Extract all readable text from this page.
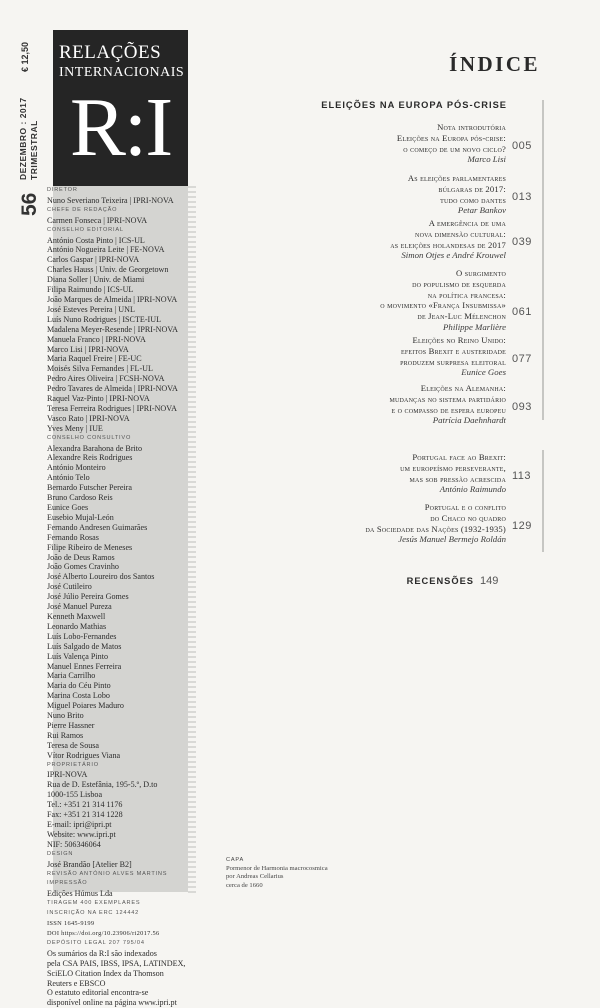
€ 12,50
DEZEMBRO : 2017 TRIMESTRAL
56
RELAÇÕES
INTERNACIONAIS
R:I
DIRETOR
Nuno Severiano Teixeira | IPRI-NOVA
CHEFE DE REDAÇÃO
Carmen Fonseca | IPRI-NOVA
CONSELHO EDITORIAL
António Costa Pinto | ICS-UL
António Nogueira Leite | FE-NOVA
Carlos Gaspar | IPRI-NOVA
Charles Hauss | Univ. de Georgetown
Diana Soller | Univ. de Miami
Filipa Raimundo | ICS-UL
João Marques de Almeida | IPRI-NOVA
José Esteves Pereira | UNL
Luís Nuno Rodrigues | ISCTE-IUL
Madalena Meyer-Resende | IPRI-NOVA
Manuela Franco | IPRI-NOVA
Marco Lisi | IPRI-NOVA
Maria Raquel Freire | FE-UC
Moisés Silva Fernandes | FL-UL
Pedro Aires Oliveira | FCSH-NOVA
Pedro Tavares de Almeida | IPRI-NOVA
Raquel Vaz-Pinto | IPRI-NOVA
Teresa Ferreira Rodrigues | IPRI-NOVA
Vasco Rato | IPRI-NOVA
Yves Meny | IUE
CONSELHO CONSULTIVO
Alexandra Barahona de Brito
Alexandre Reis Rodrigues
António Monteiro
António Telo
Bernardo Futscher Pereira
Bruno Cardoso Reis
Eunice Goes
Eusebio Mujal-León
Fernando Andresen Guimarães
Fernando Rosas
Filipe Ribeiro de Meneses
João de Deus Ramos
João Gomes Cravinho
José Alberto Loureiro dos Santos
José Cutileiro
José Júlio Pereira Gomes
José Manuel Pureza
Kenneth Maxwell
Leonardo Mathias
Luís Lobo-Fernandes
Luís Salgado de Matos
Luís Valença Pinto
Manuel Ennes Ferreira
Maria Carrilho
Maria do Céu Pinto
Marina Costa Lobo
Miguel Poiares Maduro
Nuno Brito
Pierre Hassner
Rui Ramos
Teresa de Sousa
Vítor Rodrigues Viana
PROPRIETÁRIO
IPRI-NOVA
Rua de D. Estefânia, 195-5.º, D.to
1000-155 Lisboa
Tel.: +351 21 314 1176
Fax: +351 21 314 1228
E-mail: ipri@ipri.pt
Website: www.ipri.pt
NIF: 506346064
DESIGN
José Brandão [Atelier B2]
REVISÃO ANTÓNIO ALVES MARTINS
IMPRESSÃO
Edições Húmus Lda
TIRAGEM 400 EXEMPLARES
INSCRIÇÃO NA ERC 124442
ISSN 1645-9199
DOI https://doi.org/10.23906/ri2017.56
DEPÓSITO LEGAL 207 795/04
Os sumários da R:I são indexados
pela CSA PAIS, IBSS, IPSA, LATINDEX,
SciELO Citation Index da Thomson
Reuters e EBSCO
O estatuto editorial encontra-se
disponível online na página www.ipri.pt
CAPA
Pormenor de Harmonia macrocosmica
por Andreas Cellarius
cerca de 1660
ÍNDICE
ELEIÇÕES NA EUROPA PÓS-CRISE
Nota introdutória
Eleições na Europa pós-crise:
o começo de um novo ciclo?
Marco Lisi
005
As eleições parlamentares
búlgaras de 2017:
tudo como dantes
Petar Bankov
013
A emergência de uma
nova dimensão cultural:
as eleições holandesas de 2017
Simon Otjes e André Krouwel
039
O surgimento
do populismo de esquerda
na política francesa:
o movimento «França Insubmissa»
de Jean-Luc Mélenchon
Philippe Marlière
061
Eleições no Reino Unido:
efeitos Brexit e austeridade
produzem surpresa eleitoral
Eunice Goes
077
Eleições na Alemanha:
mudanças no sistema partidário
e o compasso de espera europeu
Patrícia Daehnhardt
093
Portugal face ao Brexit:
um europeísmo perseverante,
mas sob pressão acrescida
António Raimundo
113
Portugal e o conflito
do Chaco no quadro
da Sociedade das Nações (1932-1935)
Jesús Manuel Bermejo Roldán
129
RECENSÕES 149
